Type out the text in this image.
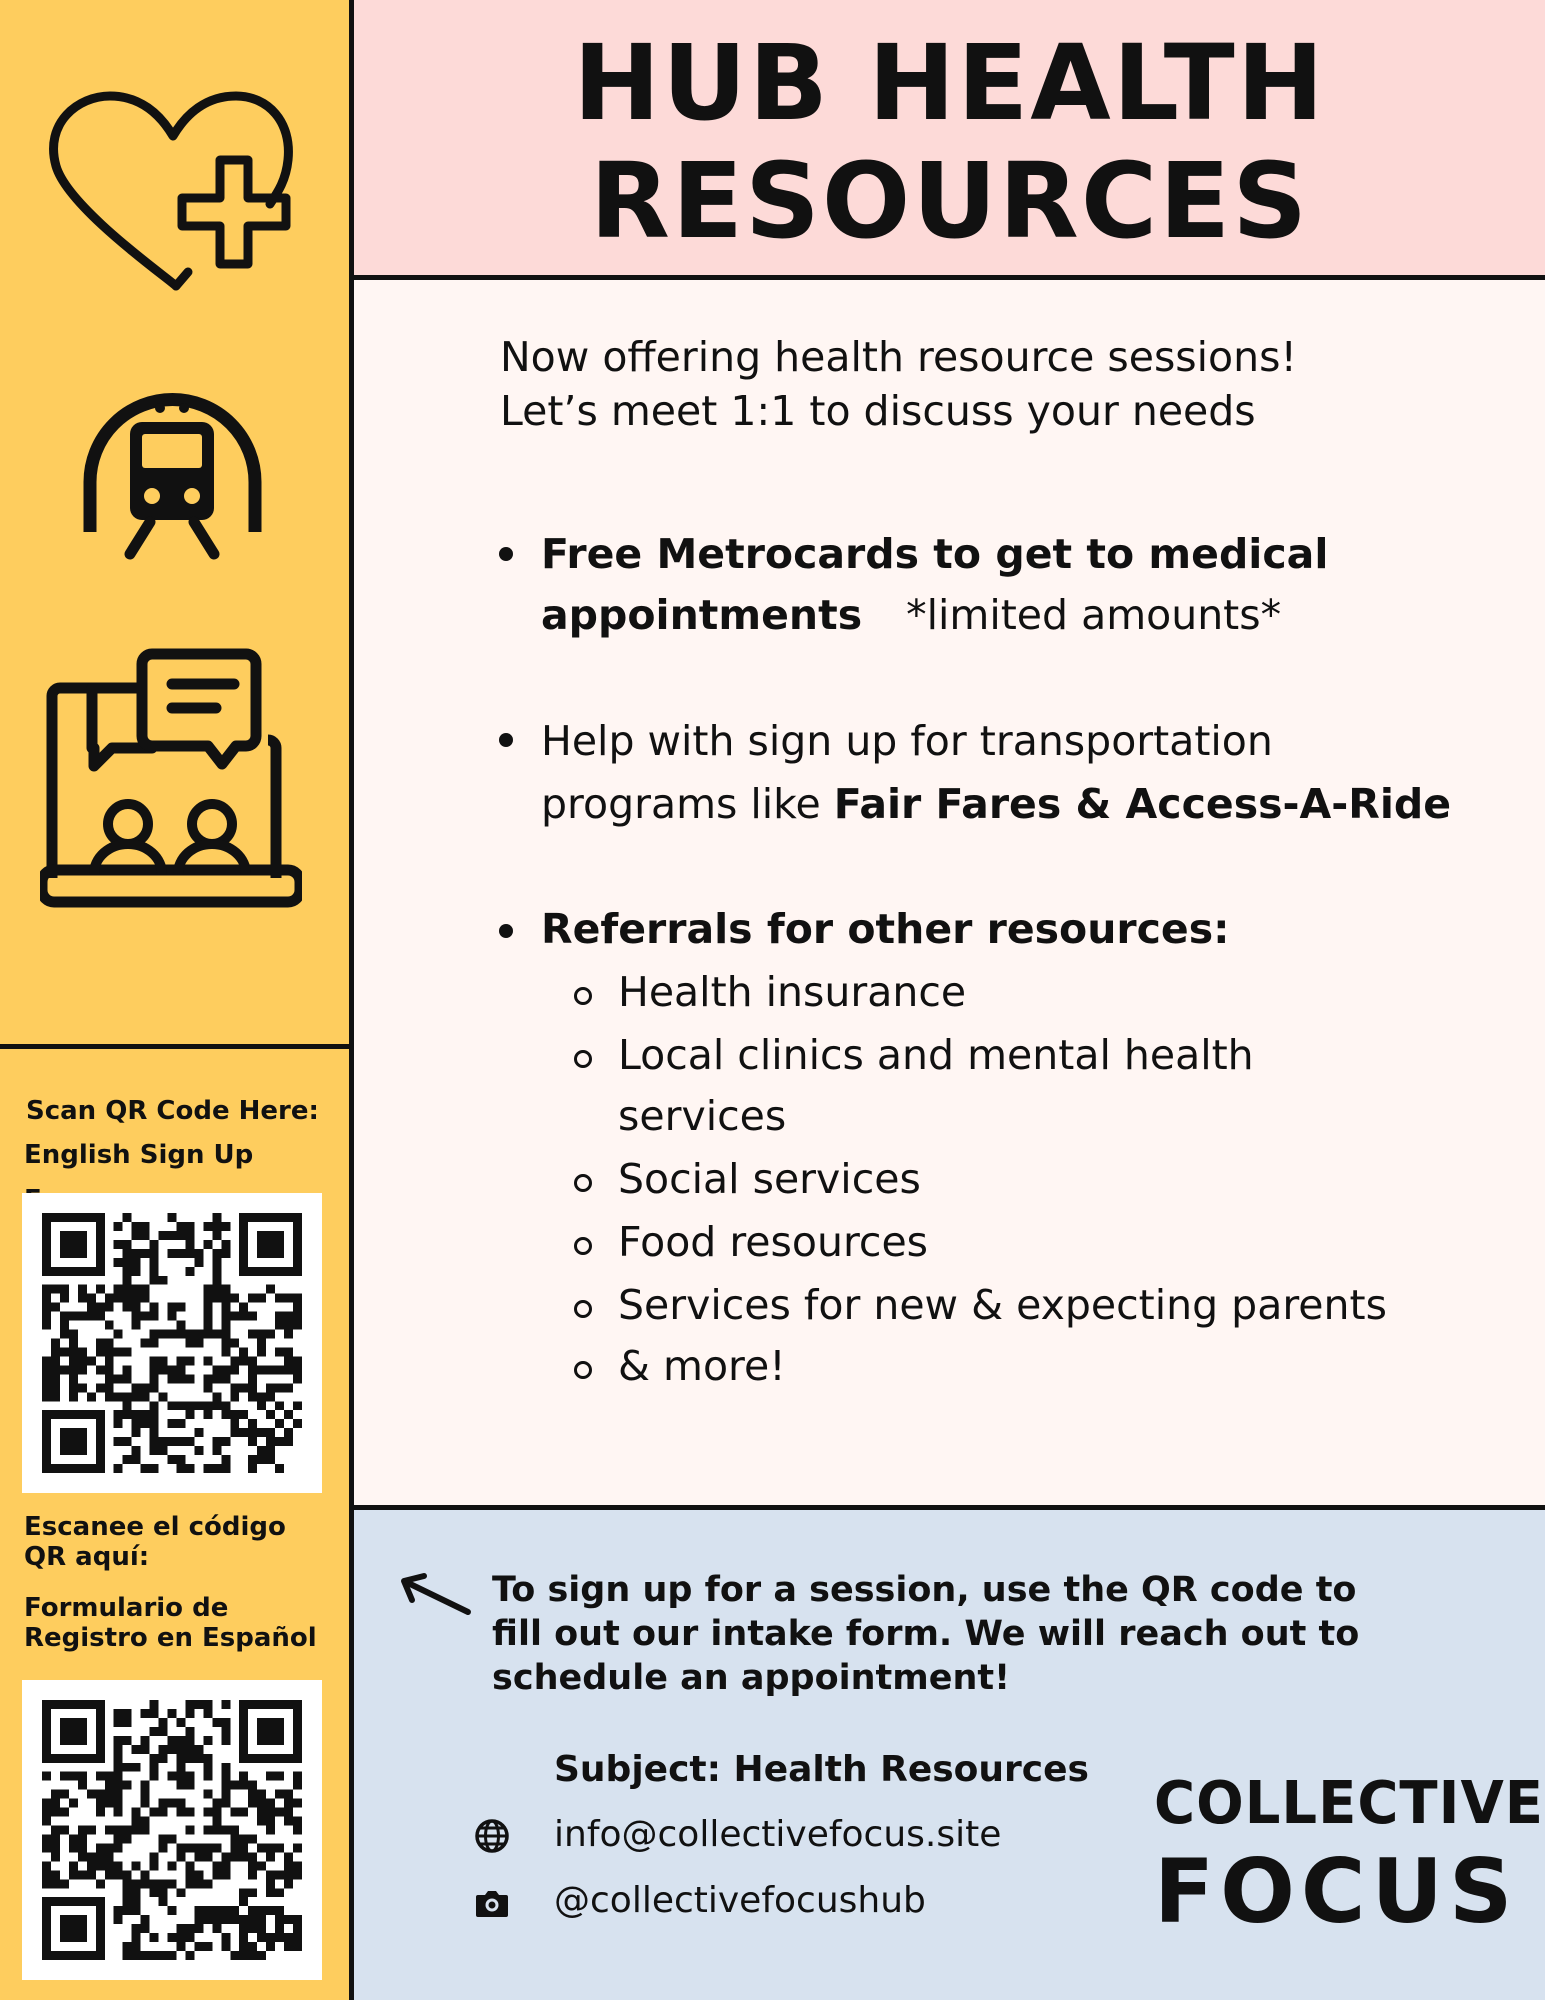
Scan QR Code Here:
English Sign Up
Escanee el código
QR aquí:
Formulario de
Registro en Español
HUB HEALTH
RESOURCES
Now offering health resource sessions!
Let’s meet 1:1 to discuss your needs
Free Metrocards to get to medical
appointments *limited amounts*
Help with sign up for transportation
programs like Fair Fares & Access-A-Ride
Referrals for other resources:
Health insurance
Local clinics and mental health
services
Social services
Food resources
Services for new & expecting parents
& more!
To sign up for a session, use the QR code to
fill out our intake form. We will reach out to
schedule an appointment!
Subject: Health Resources
info@collectivefocus.site
@collectivefocushub
COLLECTIVE
FOCUS
